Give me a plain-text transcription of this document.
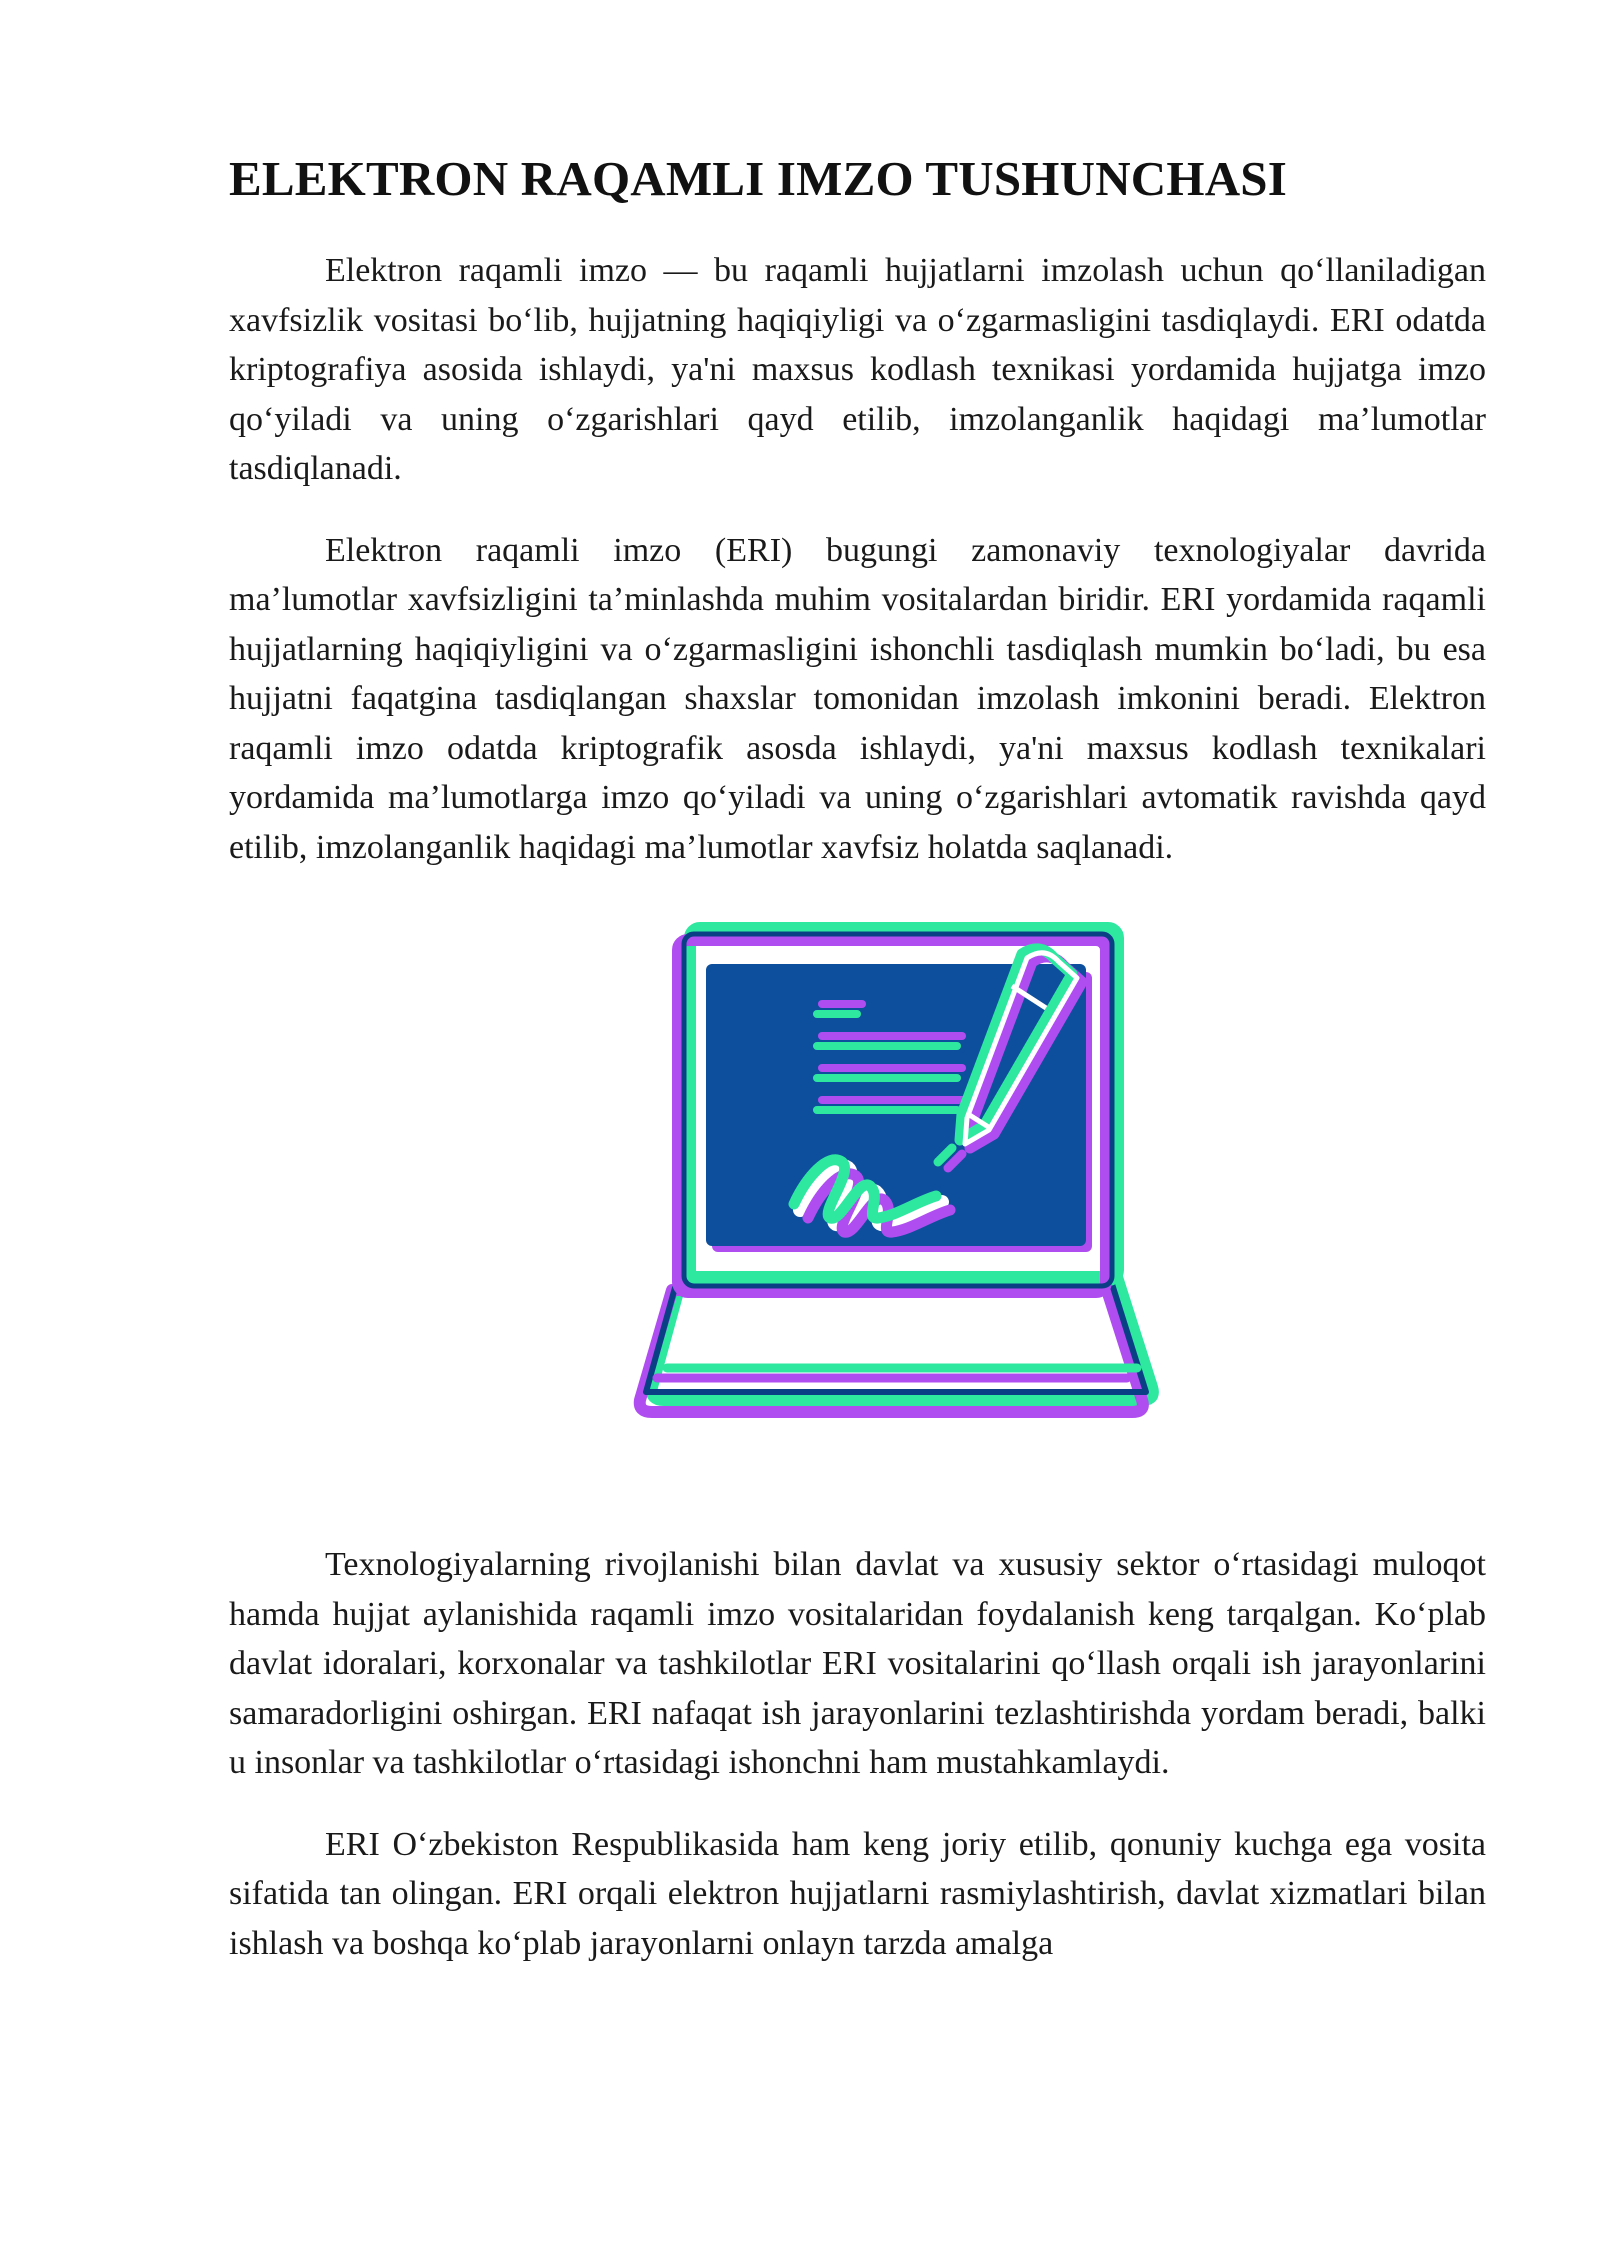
ELEKTRON RAQAMLI IMZO TUSHUNCHASI

Elektron raqamli imzo — bu raqamli hujjatlarni imzolash uchun qo‘llaniladigan xavfsizlik vositasi bo‘lib, hujjatning haqiqiyligi va o‘zgarmasligini tasdiqlaydi. ERI odatda kriptografiya asosida ishlaydi, ya'ni maxsus kodlash texnikasi yordamida hujjatga imzo qo‘yiladi va uning o‘zgarishlari qayd etilib, imzolanganlik haqidagi ma’lumotlar tasdiqlanadi.

Elektron raqamli imzo (ERI) bugungi zamonaviy texnologiyalar davrida ma’lumotlar xavfsizligini ta’minlashda muhim vositalardan biridir. ERI yordamida raqamli hujjatlarning haqiqiyligini va o‘zgarmasligini ishonchli tasdiqlash mumkin bo‘ladi, bu esa hujjatni faqatgina tasdiqlangan shaxslar tomonidan imzolash imkonini beradi. Elektron raqamli imzo odatda kriptografik asosda ishlaydi, ya'ni maxsus kodlash texnikalari yordamida ma’lumotlarga imzo qo‘yiladi va uning o‘zgarishlari avtomatik ravishda qayd etilib, imzolanganlik haqidagi ma’lumotlar xavfsiz holatda saqlanadi.

Texnologiyalarning rivojlanishi bilan davlat va xususiy sektor o‘rtasidagi muloqot hamda hujjat aylanishida raqamli imzo vositalaridan foydalanish keng tarqalgan. Ko‘plab davlat idoralari, korxonalar va tashkilotlar ERI vositalarini qo‘llash orqali ish jarayonlarini samaradorligini oshirgan. ERI nafaqat ish jarayonlarini tezlashtirishda yordam beradi, balki u insonlar va tashkilotlar o‘rtasidagi ishonchni ham mustahkamlaydi.

ERI O‘zbekiston Respublikasida ham keng joriy etilib, qonuniy kuchga ega vosita sifatida tan olingan. ERI orqali elektron hujjatlarni rasmiylashtirish, davlat xizmatlari bilan ishlash va boshqa ko‘plab jarayonlarni onlayn tarzda amalga
